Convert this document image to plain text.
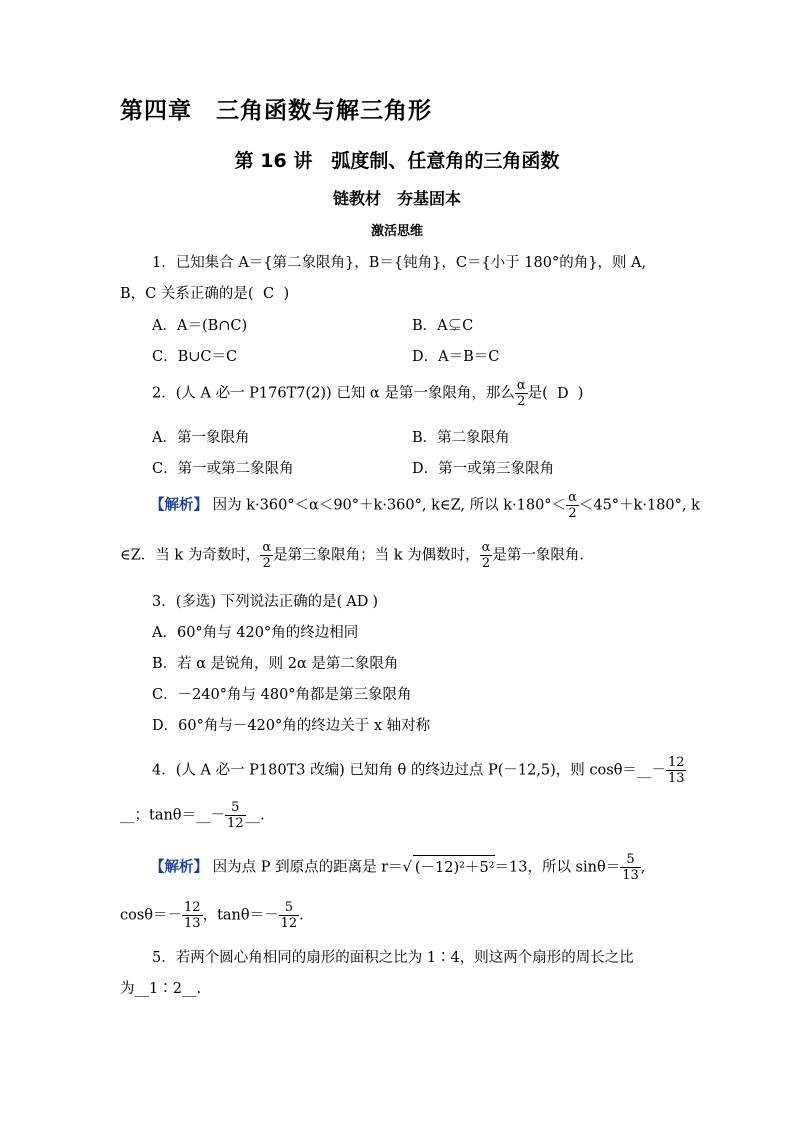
第四章　三角函数与解三角形
第 16 讲　弧度制、任意角的三角函数
链教材　夯基固本
激活思维
1．已知集合 A＝{第二象限角}，B＝{钝角}，C＝{小于 180°的角}，则 A,
B，C 关系正确的是( C )
A．A＝(B∩C)	B．A⊊C
C．B∪C＝C	D．A＝B＝C
2．(人 A 必一 P176T7(2)) 已知 α 是第一象限角，那么 $\frac{\alpha}{2}$ 是( D )
A．第一象限角	B．第二象限角
C．第一或第二象限角	D．第一或第三象限角
【解析】 因为 k·360°＜α＜90°＋k·360°, k∈Z, 所以 $k\cdot 180^\circ< \frac{\alpha}{2} <45^\circ+k\cdot 180^\circ$, k
∈Z．当 k 为奇数时， $\frac{\alpha}{2}$ 是第三象限角；当 k 为偶数时， $\frac{\alpha}{2}$ 是第一象限角.
3．(多选) 下列说法正确的是( AD )
A．60°角与 420°角的终边相同
B．若 α 是锐角，则 2α 是第二象限角
C．－240°角与 480°角都是第三象限角
D．60°角与－420°角的终边关于 x 轴对称
4．(人 A 必一 P180T3 改编) 已知角 θ 的终边过点 P(－12,5)，则 cosθ＝__－ $\frac{12}{13}$
__；tanθ＝__－ $\frac{5}{12}$ __.
【解析】 因为点 P 到原点的距离是 r＝√ (－12)²＋5²＝13，所以 $\sin\theta= \frac{5}{13}$ ,
$\cos\theta=- \frac{12}{13}$ ，$\tan\theta=- \frac{5}{12}$ .
5．若两个圆心角相同的扇形的面积之比为 1∶4，则这两个扇形的周长之比
为__1∶2__.
